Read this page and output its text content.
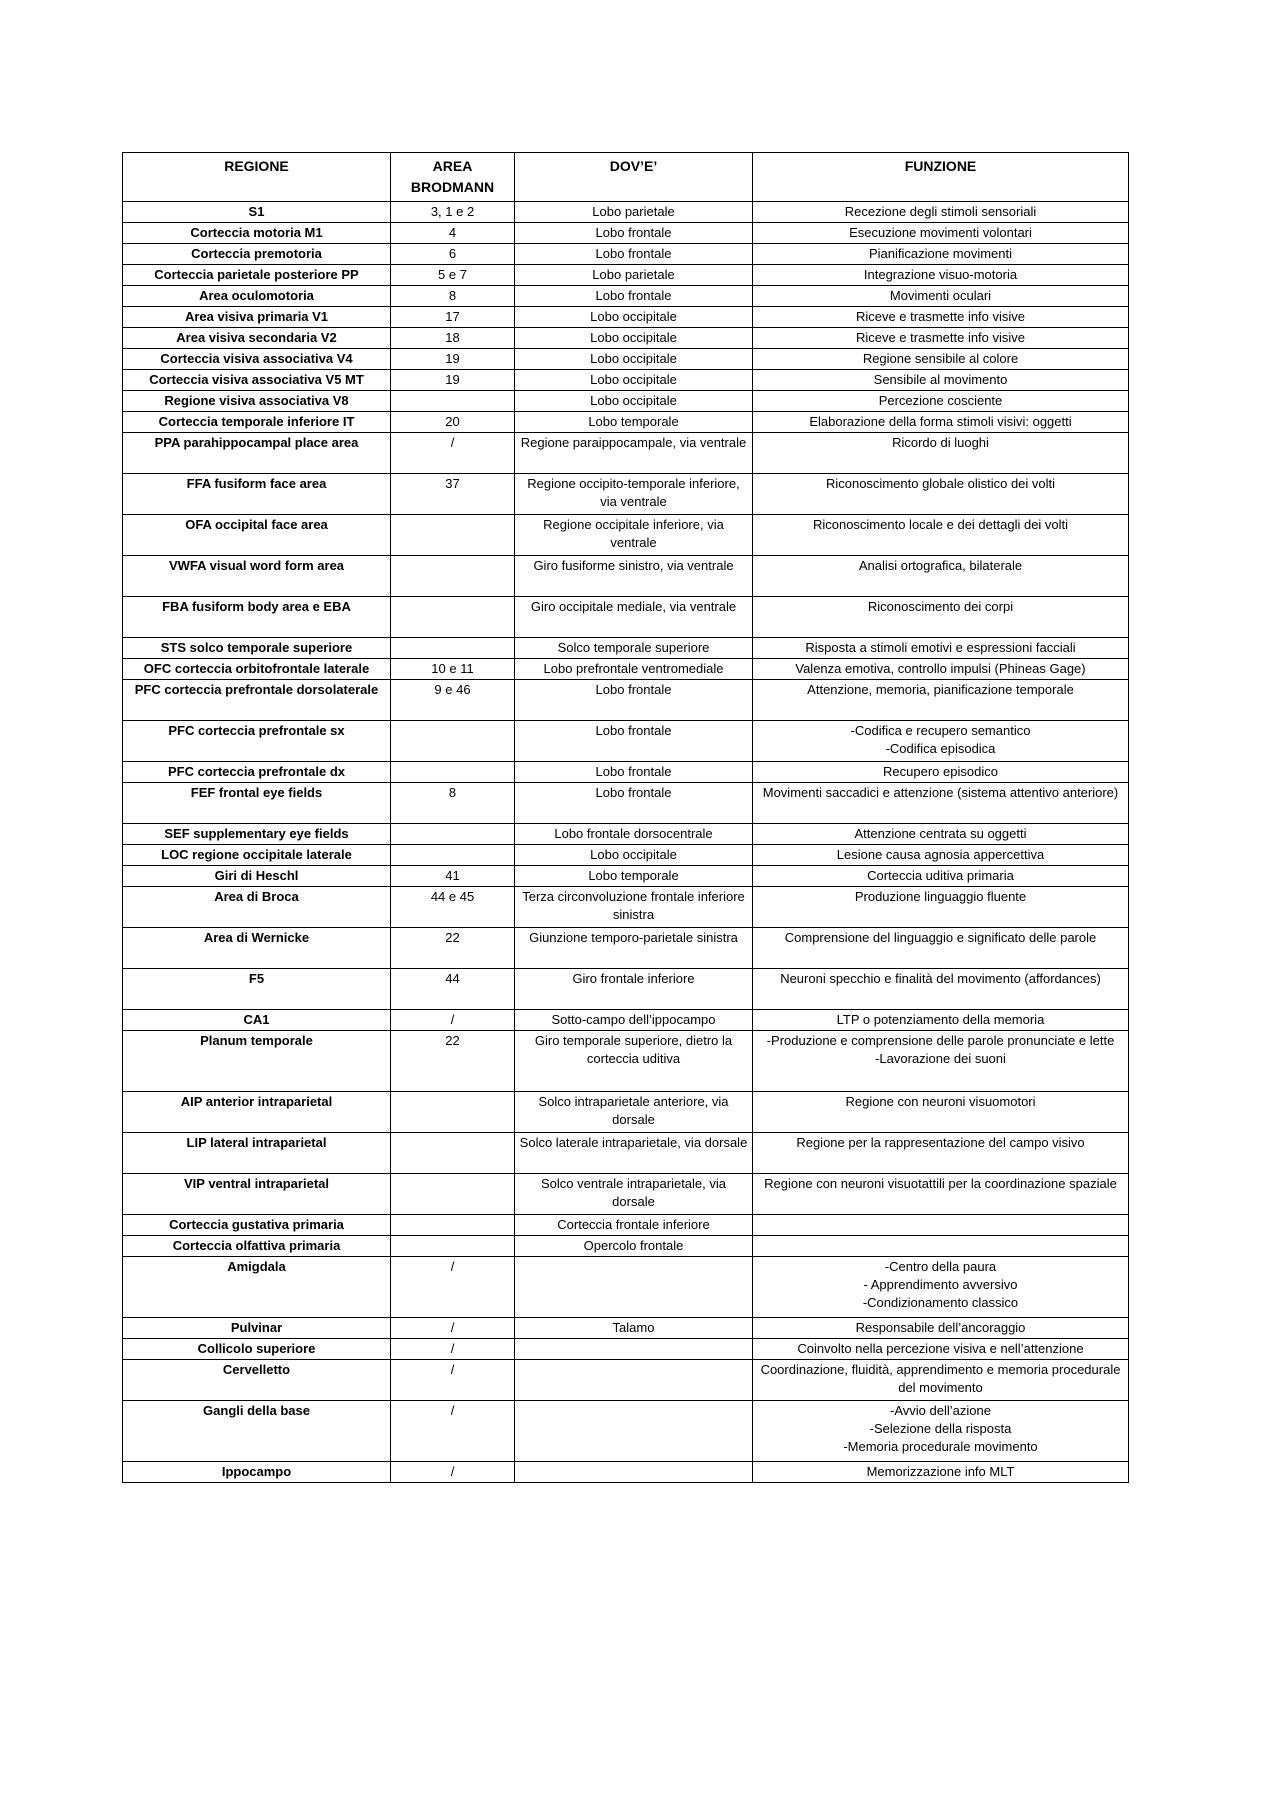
REGIONE	AREA BRODMANN	DOV’E’	FUNZIONE
S1	3, 1 e 2	Lobo parietale	Recezione degli stimoli sensoriali
Corteccia motoria M1	4	Lobo frontale	Esecuzione movimenti volontari
Corteccia premotoria	6	Lobo frontale	Pianificazione movimenti
Corteccia parietale posteriore PP	5 e 7	Lobo parietale	Integrazione visuo-motoria
Area oculomotoria	8	Lobo frontale	Movimenti oculari
Area visiva primaria V1	17	Lobo occipitale	Riceve e trasmette info visive
Area visiva secondaria V2	18	Lobo occipitale	Riceve e trasmette info visive
Corteccia visiva associativa V4	19	Lobo occipitale	Regione sensibile al colore
Corteccia visiva associativa V5 MT	19	Lobo occipitale	Sensibile al movimento
Regione visiva associativa V8		Lobo occipitale	Percezione cosciente
Corteccia temporale inferiore IT	20	Lobo temporale	Elaborazione della forma stimoli visivi: oggetti
PPA parahippocampal place area	/	Regione paraippocampale, via ventrale	Ricordo di luoghi
FFA fusiform face area	37	Regione occipito-temporale inferiore, via ventrale	Riconoscimento globale olistico dei volti
OFA occipital face area		Regione occipitale inferiore, via ventrale	Riconoscimento locale e dei dettagli dei volti
VWFA visual word form area		Giro fusiforme sinistro, via ventrale	Analisi ortografica, bilaterale
FBA fusiform body area e EBA		Giro occipitale mediale, via ventrale	Riconoscimento dei corpi
STS solco temporale superiore		Solco temporale superiore	Risposta a stimoli emotivi e espressioni facciali
OFC corteccia orbitofrontale laterale	10 e 11	Lobo prefrontale ventromediale	Valenza emotiva, controllo impulsi (Phineas Gage)
PFC corteccia prefrontale dorsolaterale	9 e 46	Lobo frontale	Attenzione, memoria, pianificazione temporale
PFC corteccia prefrontale sx		Lobo frontale	-Codifica e recupero semantico
-Codifica episodica
PFC corteccia prefrontale dx		Lobo frontale	Recupero episodico
FEF frontal eye fields	8	Lobo frontale	Movimenti saccadici e attenzione (sistema attentivo anteriore)
SEF supplementary eye fields		Lobo frontale dorsocentrale	Attenzione centrata su oggetti
LOC regione occipitale laterale		Lobo occipitale	Lesione causa agnosia appercettiva
Giri di Heschl	41	Lobo temporale	Corteccia uditiva primaria
Area di Broca	44 e 45	Terza circonvoluzione frontale inferiore sinistra	Produzione linguaggio fluente
Area di Wernicke	22	Giunzione temporo-parietale sinistra	Comprensione del linguaggio e significato delle parole
F5	44	Giro frontale inferiore	Neuroni specchio e finalità del movimento (affordances)
CA1	/	Sotto-campo dell’ippocampo	LTP o potenziamento della memoria
Planum temporale	22	Giro temporale superiore, dietro la corteccia uditiva	-Produzione e comprensione delle parole pronunciate e lette
-Lavorazione dei suoni
AIP anterior intraparietal		Solco intraparietale anteriore, via dorsale	Regione con neuroni visuomotori
LIP lateral intraparietal		Solco laterale intraparietale, via dorsale	Regione per la rappresentazione del campo visivo
VIP ventral intraparietal		Solco ventrale intraparietale, via dorsale	Regione con neuroni visuotattili per la coordinazione spaziale
Corteccia gustativa primaria		Corteccia frontale inferiore	
Corteccia olfattiva primaria		Opercolo frontale	
Amigdala	/		-Centro della paura
- Apprendimento avversivo
-Condizionamento classico
Pulvinar	/	Talamo	Responsabile dell’ancoraggio
Collicolo superiore	/		Coinvolto nella percezione visiva e nell’attenzione
Cervelletto	/		Coordinazione, fluidità, apprendimento e memoria procedurale del movimento
Gangli della base	/		-Avvio dell’azione
-Selezione della risposta
-Memoria procedurale movimento
Ippocampo	/		Memorizzazione info MLT
